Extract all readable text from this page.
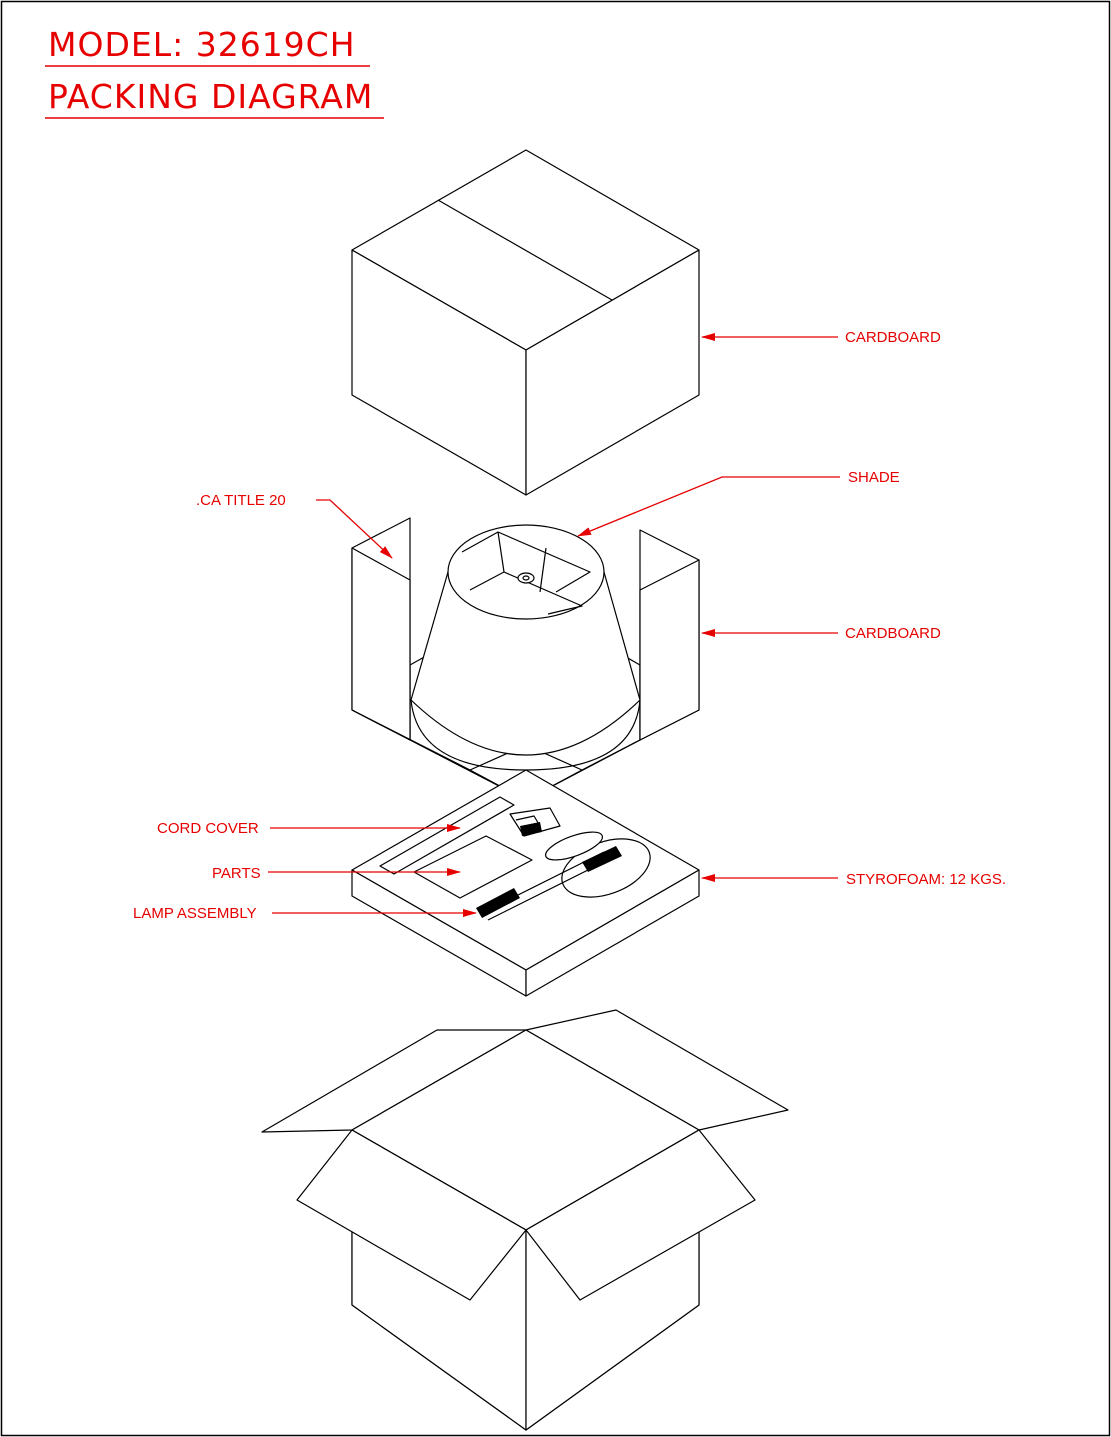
MODEL: 32619CH
PACKING DIAGRAM
CARDBOARD
SHADE
.CA TITLE 20
CARDBOARD
CORD COVER
PARTS
LAMP ASSEMBLY
STYROFOAM: 12 KGS.
